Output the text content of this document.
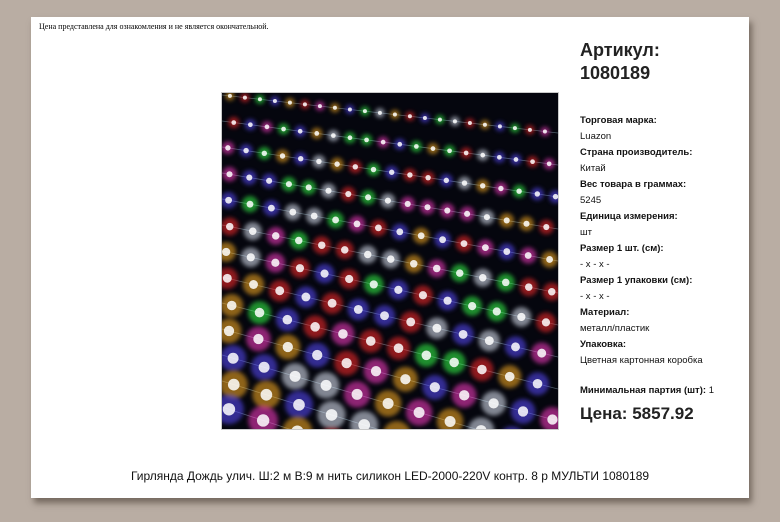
Цена представлена для ознакомления и не является окончательной.
Артикул:
1080189
Торговая марка:
Luazon
Страна производитель:
Китай
Вес товара в граммах:
5245
Единица измерения:
шт
Размер 1 шт. (см):
- x - x -
Размер 1 упаковки (см):
- x - x -
Материал:
металл/пластик
Упаковка:
Цветная картонная коробка
Минимальная партия (шт): 1
Цена: 5857.92
Гирлянда Дождь улич. Ш:2 м В:9 м нить силикон LED-2000-220V контр. 8 р МУЛЬТИ 1080189
